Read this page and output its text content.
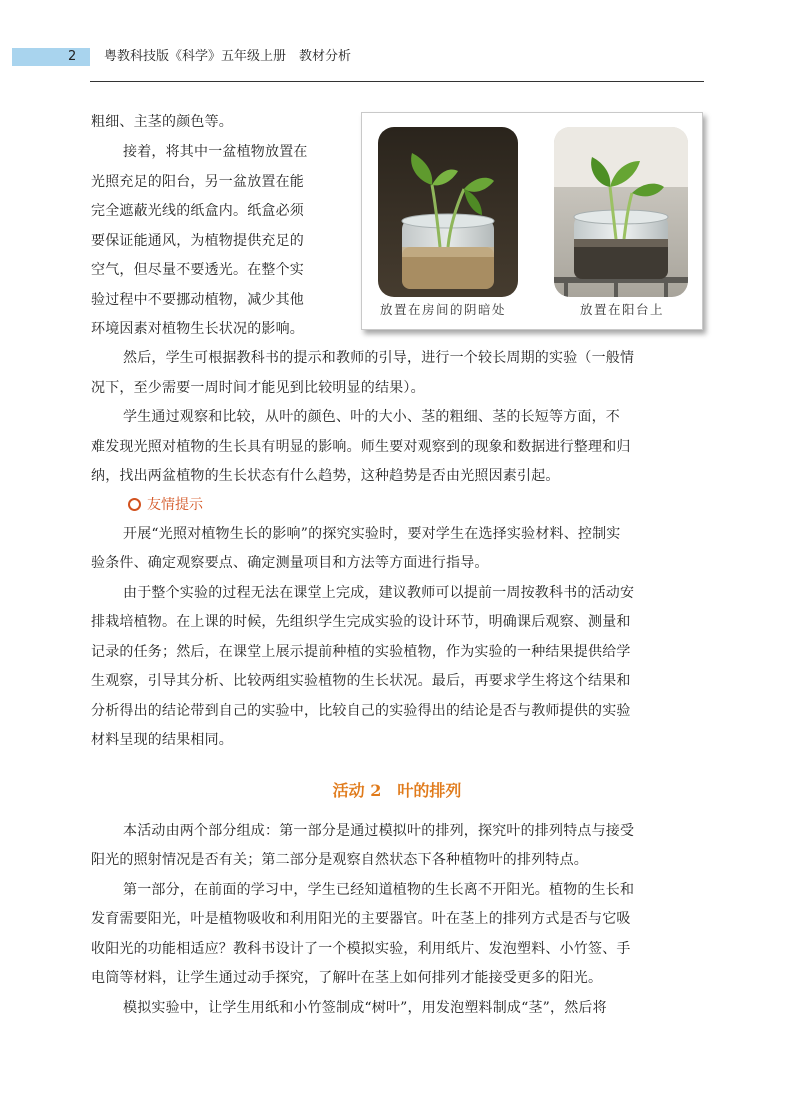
2 粤教科技版《科学》五年级上册　教材分析
粗细、主茎的颜色等。
接着，将其中一盆植物放置在
光照充足的阳台，另一盆放置在能
完全遮蔽光线的纸盒内。纸盒必须
要保证能通风，为植物提供充足的
空气，但尽量不要透光。在整个实
验过程中不要挪动植物，减少其他
环境因素对植物生长状况的影响。
然后，学生可根据教科书的提示和教师的引导，进行一个较长周期的实验（一般情
况下，至少需要一周时间才能见到比较明显的结果）。
学生通过观察和比较，从叶的颜色、叶的大小、茎的粗细、茎的长短等方面，不
难发现光照对植物的生长具有明显的影响。师生要对观察到的现象和数据进行整理和归
纳，找出两盆植物的生长状态有什么趋势，这种趋势是否由光照因素引起。
友情提示
开展“光照对植物生长的影响”的探究实验时，要对学生在选择实验材料、控制实
验条件、确定观察要点、确定测量项目和方法等方面进行指导。
由于整个实验的过程无法在课堂上完成，建议教师可以提前一周按教科书的活动安
排栽培植物。在上课的时候，先组织学生完成实验的设计环节，明确课后观察、测量和
记录的任务；然后，在课堂上展示提前种植的实验植物，作为实验的一种结果提供给学
生观察，引导其分析、比较两组实验植物的生长状况。最后，再要求学生将这个结果和
分析得出的结论带到自己的实验中，比较自己的实验得出的结论是否与教师提供的实验
材料呈现的结果相同。
活动 2　叶的排列
本活动由两个部分组成：第一部分是通过模拟叶的排列，探究叶的排列特点与接受
阳光的照射情况是否有关；第二部分是观察自然状态下各种植物叶的排列特点。
第一部分，在前面的学习中，学生已经知道植物的生长离不开阳光。植物的生长和
发育需要阳光，叶是植物吸收和利用阳光的主要器官。叶在茎上的排列方式是否与它吸
收阳光的功能相适应？教科书设计了一个模拟实验，利用纸片、发泡塑料、小竹签、手
电筒等材料，让学生通过动手探究，了解叶在茎上如何排列才能接受更多的阳光。
模拟实验中，让学生用纸和小竹签制成“树叶”，用发泡塑料制成“茎”，然后将
放置在房间的阴暗处	放置在阳台上
